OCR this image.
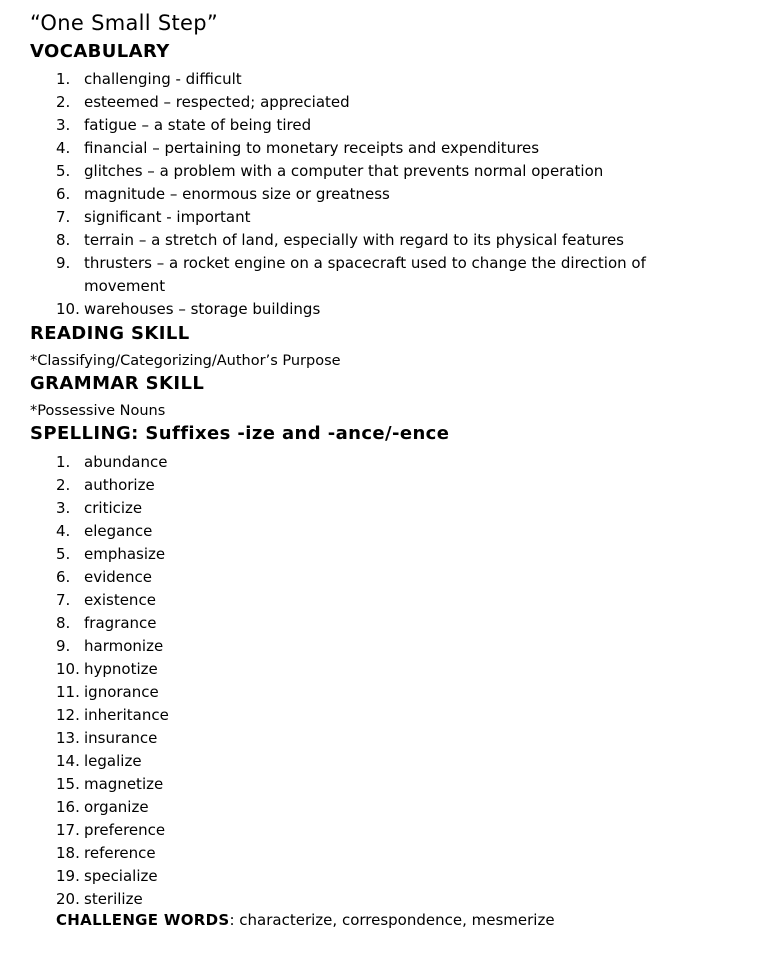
“One Small Step”
VOCABULARY
1. challenging - difficult
2. esteemed – respected; appreciated
3. fatigue – a state of being tired
4. financial – pertaining to monetary receipts and expenditures
5. glitches – a problem with a computer that prevents normal operation
6. magnitude – enormous size or greatness
7. significant - important
8. terrain – a stretch of land, especially with regard to its physical features
9. thrusters – a rocket engine on a spacecraft used to change the direction of
movement
10. warehouses – storage buildings
READING SKILL
*Classifying/Categorizing/Author’s Purpose
GRAMMAR SKILL
*Possessive Nouns
SPELLING: Suffixes -ize and -ance/-ence
1. abundance
2. authorize
3. criticize
4. elegance
5. emphasize
6. evidence
7. existence
8. fragrance
9. harmonize
10. hypnotize
11. ignorance
12. inheritance
13. insurance
14. legalize
15. magnetize
16. organize
17. preference
18. reference
19. specialize
20. sterilize
CHALLENGE WORDS: characterize, correspondence, mesmerize
